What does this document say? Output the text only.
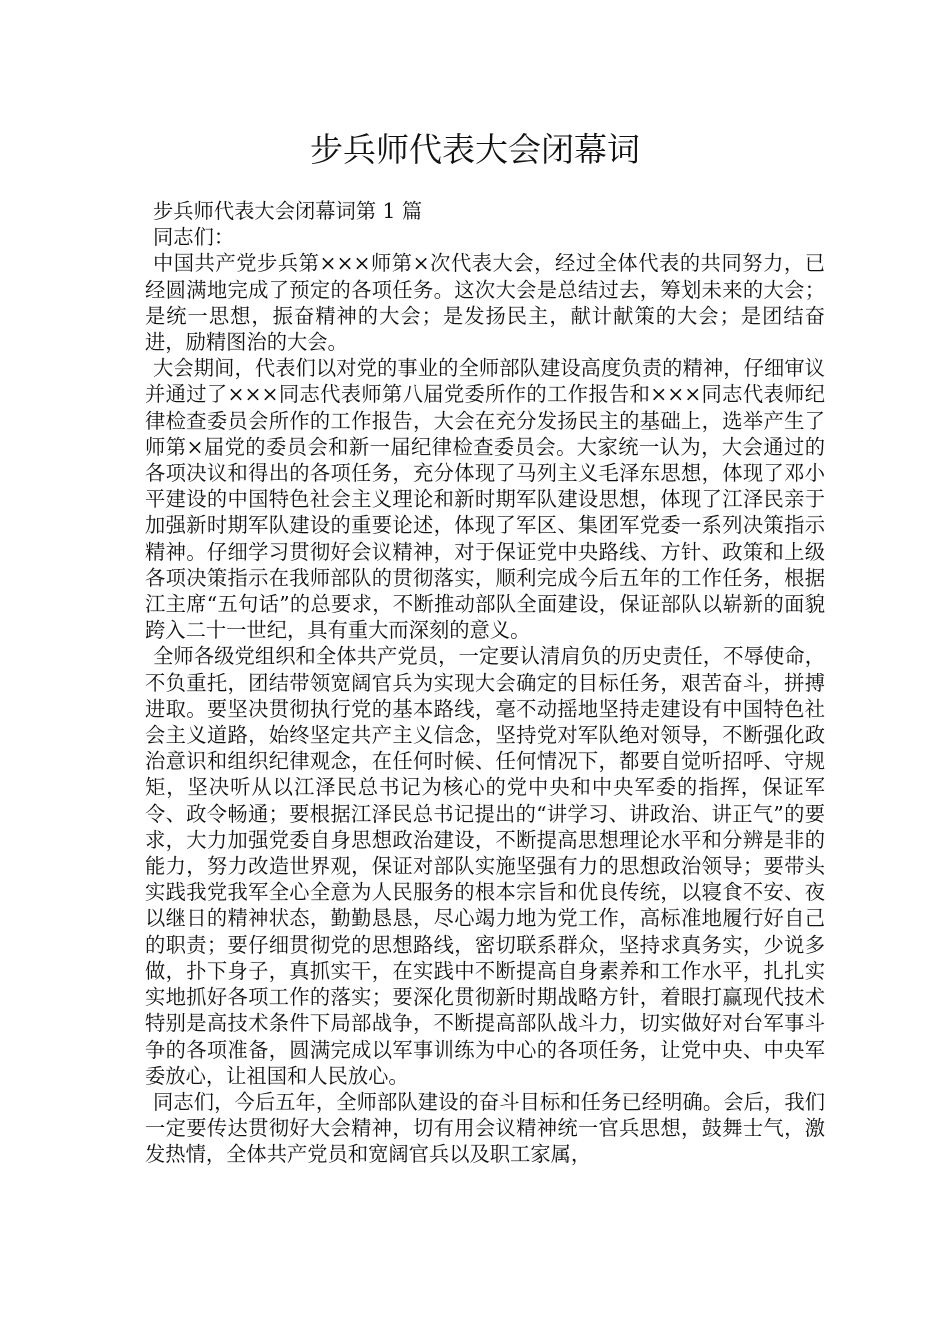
步兵师代表大会闭幕词

步兵师代表大会闭幕词第 1 篇

同志们：

中国共产党步兵第×××师第×次代表大会，经过全体代表的共同努力，已经圆满地完成了预定的各项任务。这次大会是总结过去，筹划未来的大会；是统一思想，振奋精神的大会；是发扬民主，献计献策的大会；是团结奋进，励精图治的大会。

大会期间，代表们以对党的事业的全师部队建设高度负责的精神，仔细审议并通过了×××同志代表师第八届党委所作的工作报告和×××同志代表师纪律检查委员会所作的工作报告，大会在充分发扬民主的基础上，选举产生了师第×届党的委员会和新一届纪律检查委员会。大家统一认为，大会通过的各项决议和得出的各项任务，充分体现了马列主义毛泽东思想，体现了邓小平建设的中国特色社会主义理论和新时期军队建设思想，体现了江泽民亲于加强新时期军队建设的重要论述，体现了军区、集团军党委一系列决策指示精神。仔细学习贯彻好会议精神，对于保证党中央路线、方针、政策和上级各项决策指示在我师部队的贯彻落实，顺利完成今后五年的工作任务，根据江主席“五句话”的总要求，不断推动部队全面建设，保证部队以崭新的面貌跨入二十一世纪，具有重大而深刻的意义。

全师各级党组织和全体共产党员，一定要认清肩负的历史责任，不辱使命，不负重托，团结带领宽阔官兵为实现大会确定的目标任务，艰苦奋斗，拼搏进取。要坚决贯彻执行党的基本路线，毫不动摇地坚持走建设有中国特色社会主义道路，始终坚定共产主义信念，坚持党对军队绝对领导，不断强化政治意识和组织纪律观念，在任何时候、任何情况下，都要自觉听招呼、守规矩，坚决听从以江泽民总书记为核心的党中央和中央军委的指挥，保证军令、政令畅通；要根据江泽民总书记提出的“讲学习、讲政治、讲正气”的要求，大力加强党委自身思想政治建设，不断提高思想理论水平和分辨是非的能力，努力改造世界观，保证对部队实施坚强有力的思想政治领导；要带头实践我党我军全心全意为人民服务的根本宗旨和优良传统，以寝食不安、夜以继日的精神状态，勤勤恳恳，尽心竭力地为党工作，高标准地履行好自己的职责；要仔细贯彻党的思想路线，密切联系群众，坚持求真务实，少说多做，扑下身子，真抓实干，在实践中不断提高自身素养和工作水平，扎扎实实地抓好各项工作的落实；要深化贯彻新时期战略方针，着眼打赢现代技术特别是高技术条件下局部战争，不断提高部队战斗力，切实做好对台军事斗争的各项准备，圆满完成以军事训练为中心的各项任务，让党中央、中央军委放心，让祖国和人民放心。

同志们，今后五年，全师部队建设的奋斗目标和任务已经明确。会后，我们一定要传达贯彻好大会精神，切有用会议精神统一官兵思想，鼓舞士气，激发热情，全体共产党员和宽阔官兵以及职工家属，
